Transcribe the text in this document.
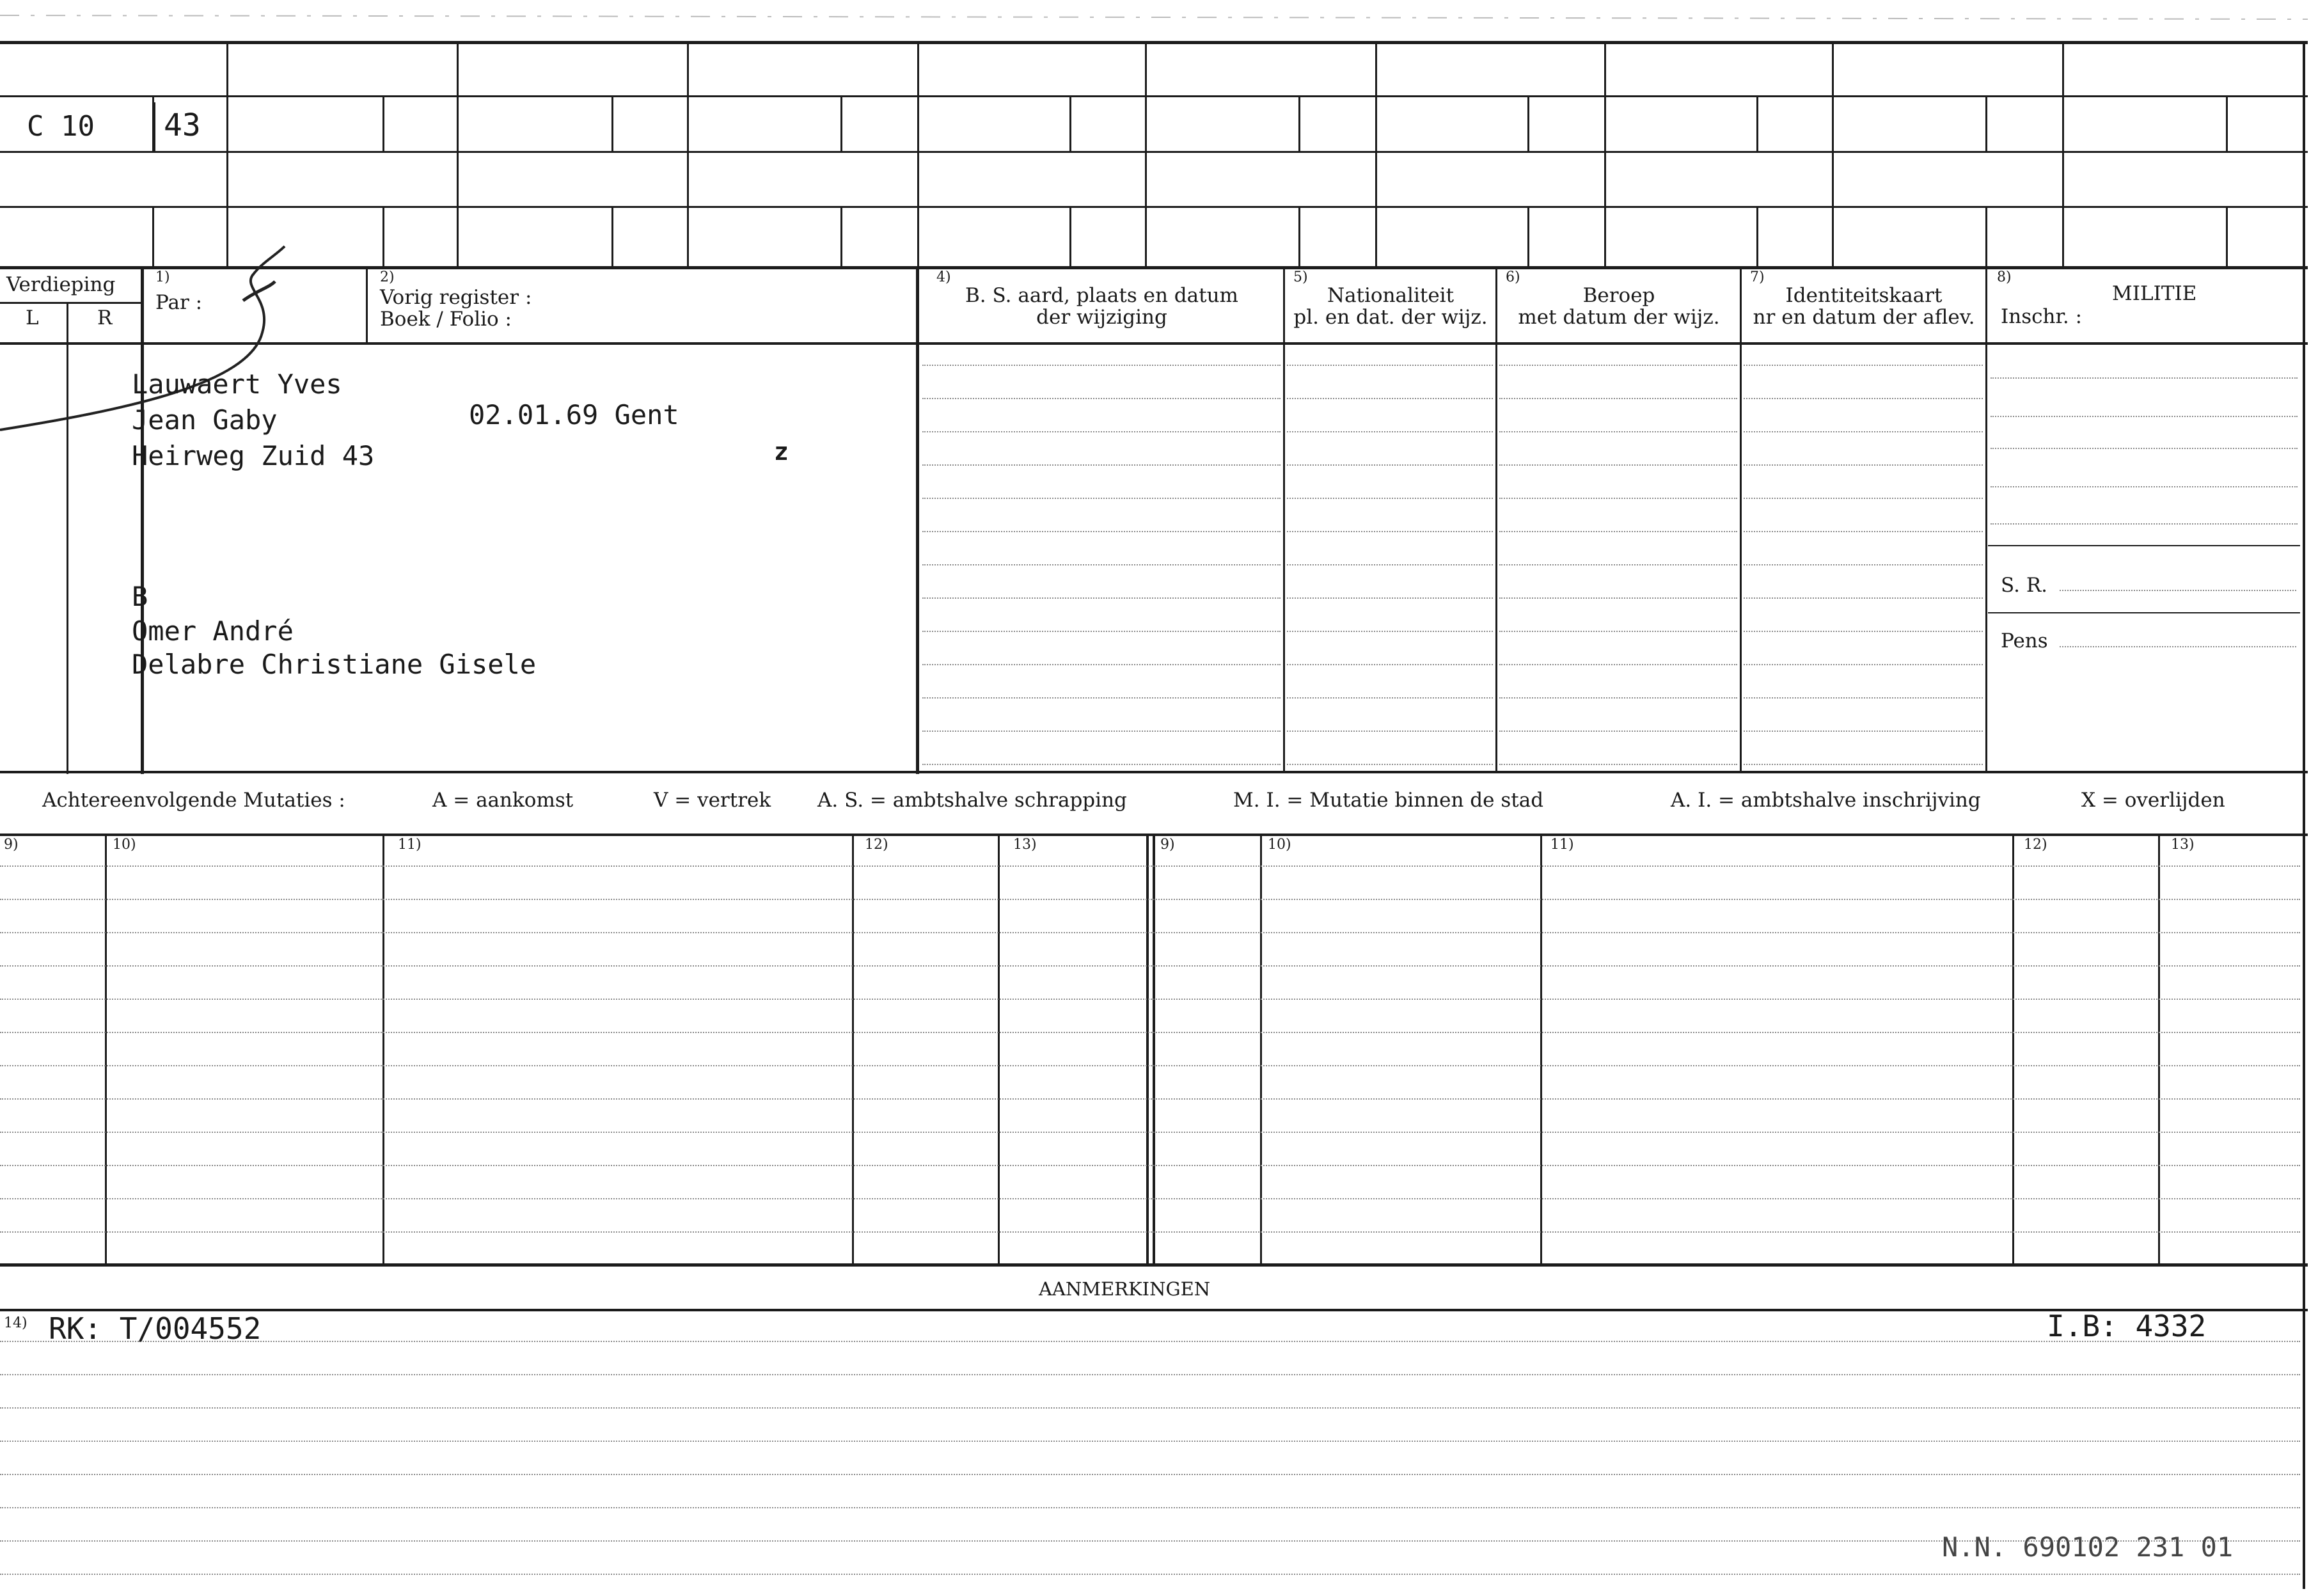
C 10 43
Verdieping
L	R
1)
Par :
2)
Vorig register :
Boek / Folio :
4)
B. S. aard, plaats en datum
der wijziging
5)
Nationaliteit
pl. en dat. der wijz.
6)
Beroep
met datum der wijz.
7)
Identiteitskaart
nr en datum der aflev.
8)
MILITIE
Inschr. :
S. R.
Pens
Lauwaert Yves
Jean Gaby	02.01.69 Gent
Heirweg Zuid 43	z
B
Omer André
Delabre Christiane Gisele
Achtereenvolgende Mutaties :	A = aankomst	V = vertrek A. S. = ambtshalve schrapping	M. I. = Mutatie binnen de stad	A. I. = ambtshalve inschrijving	X = overlijden
9)	10)	11)	12)	13)	9)	10)	11)	12)	13)
AANMERKINGEN
14) RK: T/004552	I.B: 4332
N.N. 690102 231 01
